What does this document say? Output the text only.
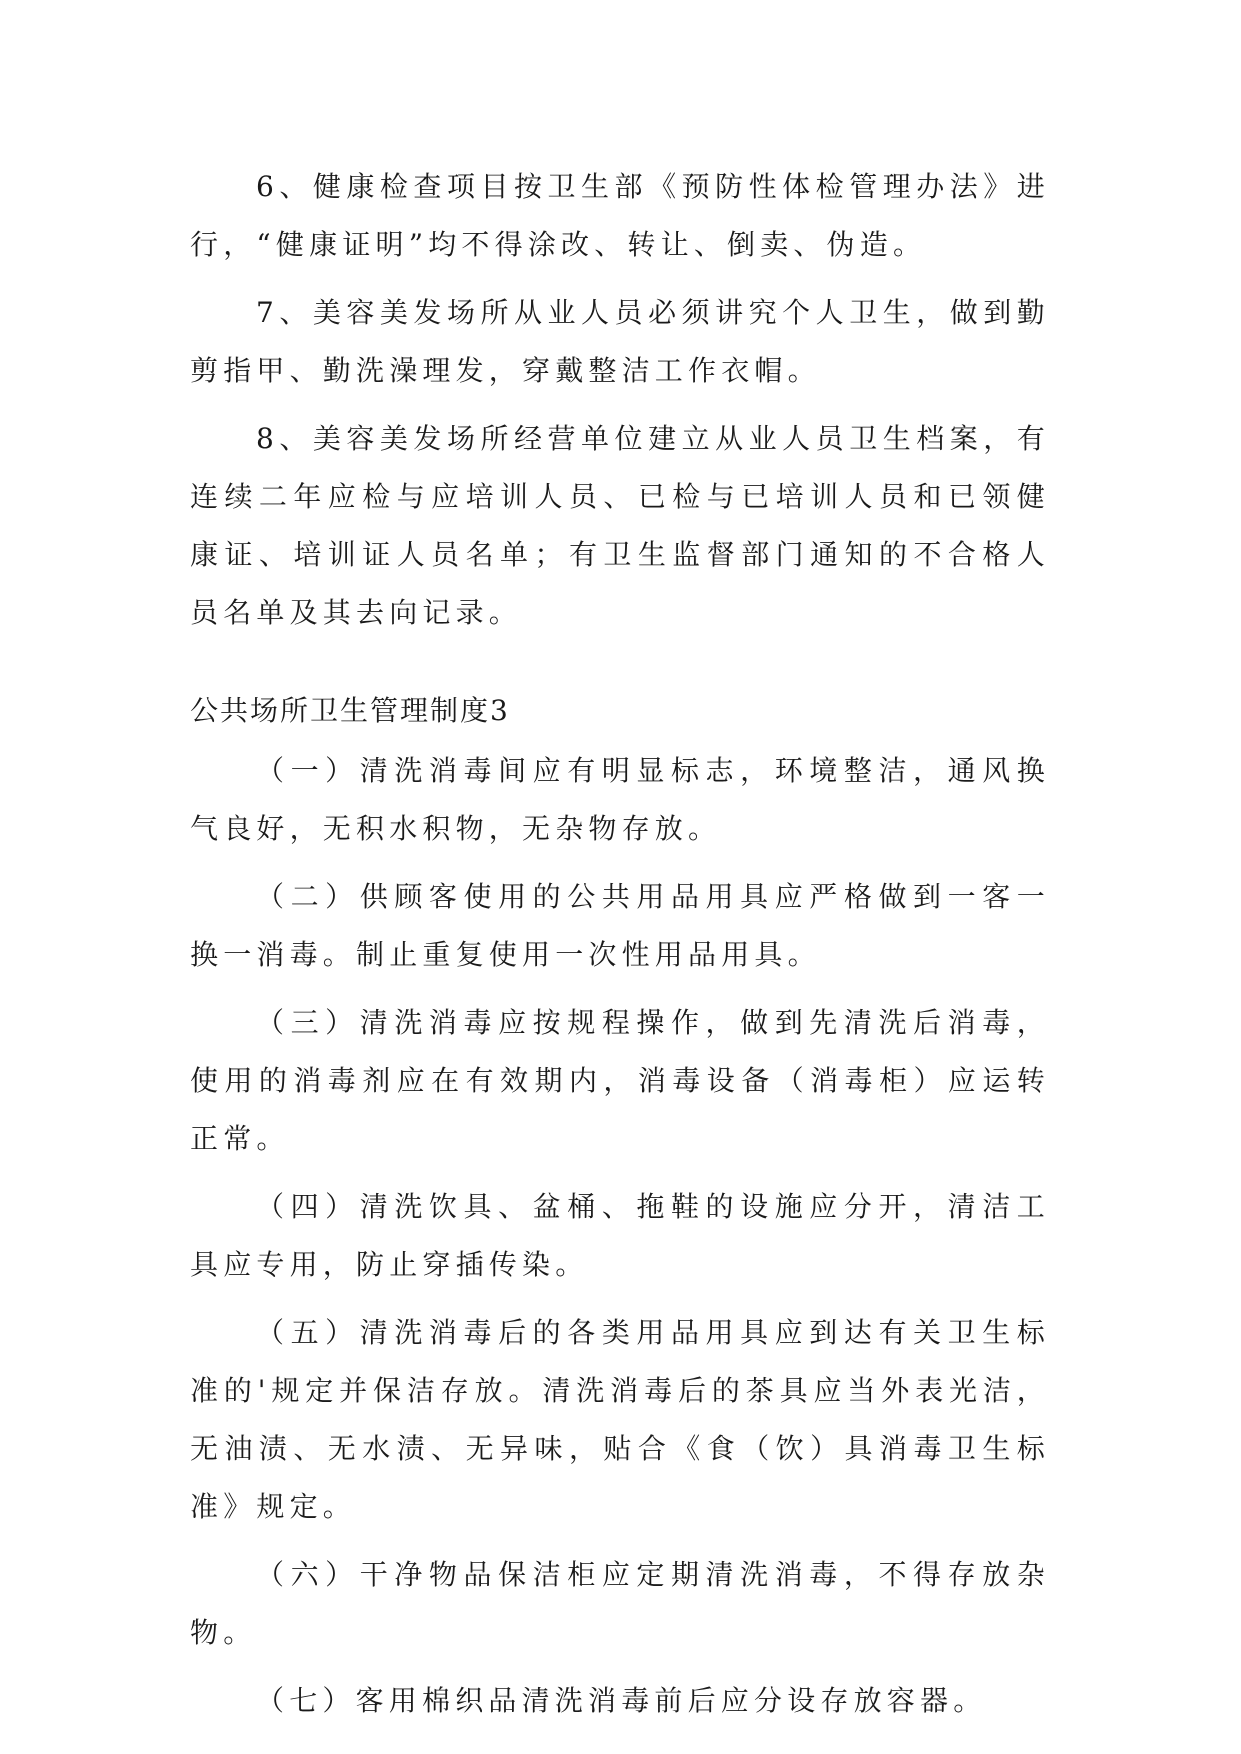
6、健康检查项目按卫生部《预防性体检管理办法》进行，“健康证明”均不得涂改、转让、倒卖、伪造。

7、美容美发场所从业人员必须讲究个人卫生，做到勤剪指甲、勤洗澡理发，穿戴整洁工作衣帽。

8、美容美发场所经营单位建立从业人员卫生档案，有连续二年应检与应培训人员、已检与已培训人员和已领健康证、培训证人员名单；有卫生监督部门通知的不合格人员名单及其去向记录。

公共场所卫生管理制度3

（一）清洗消毒间应有明显标志，环境整洁，通风换气良好，无积水积物，无杂物存放。

（二）供顾客使用的公共用品用具应严格做到一客一换一消毒。制止重复使用一次性用品用具。

（三）清洗消毒应按规程操作，做到先清洗后消毒，使用的消毒剂应在有效期内，消毒设备（消毒柜）应运转正常。

（四）清洗饮具、盆桶、拖鞋的设施应分开，清洁工具应专用，防止穿插传染。

（五）清洗消毒后的各类用品用具应到达有关卫生标准的'规定并保洁存放。清洗消毒后的茶具应当外表光洁，无油渍、无水渍、无异味，贴合《食（饮）具消毒卫生标准》规定。

（六）干净物品保洁柜应定期清洗消毒，不得存放杂物。

（七）客用棉织品清洗消毒前后应分设存放容器。
